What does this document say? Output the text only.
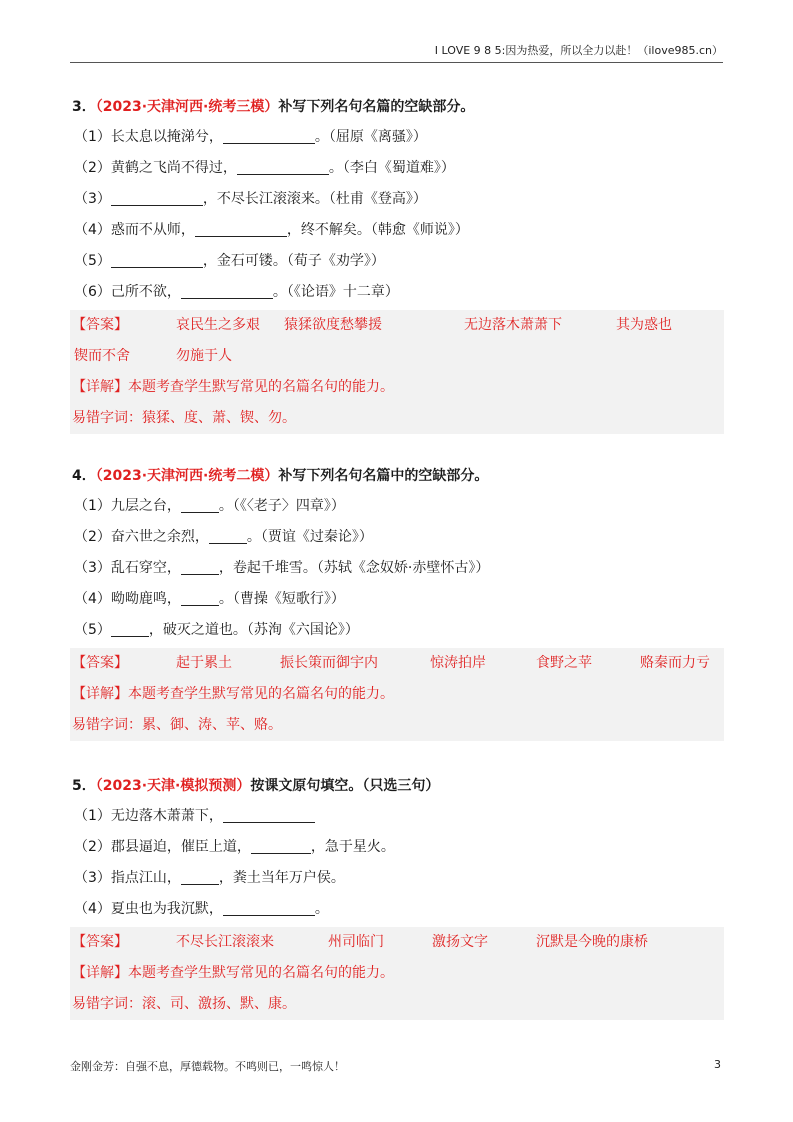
I LOVE 9 8 5:因为热爱，所以全力以赴！（ilove985.cn）
3．（2023·天津河西·统考三模）补写下列名句名篇的空缺部分。
（1）长太息以掩涕兮，	。（屈原《离骚》）
（2）黄鹤之飞尚不得过，	。（李白《蜀道难》）
（3）	，不尽长江滚滚来。（杜甫《登高》）
（4）惑而不从师，	，终不解矣。（韩愈《师说》）
（5）	，金石可镂。（荀子《劝学》）
（6）己所不欲，	。（《论语》十二章）
【答案】	哀民生之多艰 猿猱欲度愁攀援	无边落木萧萧下	其为惑也
锲而不舍	勿施于人
【详解】本题考查学生默写常见的名篇名句的能力。
易错字词：猿猱、度、萧、锲、勿。
4．（2023·天津河西·统考二模）补写下列名句名篇中的空缺部分。
（1）九层之台，	。（《〈老子〉四章》）
（2）奋六世之余烈，	。（贾谊《过秦论》）
（3）乱石穿空，	，卷起千堆雪。（苏轼《念奴娇·赤壁怀古》）
（4）呦呦鹿鸣，	。（曹操《短歌行》）
（5）	，破灭之道也。（苏洵《六国论》）
【答案】	起于累土	振长策而御宇内	惊涛拍岸	食野之苹	赂秦而力亏
【详解】本题考查学生默写常见的名篇名句的能力。
易错字词：累、御、涛、苹、赂。
5．（2023·天津·模拟预测）按课文原句填空。（只选三句）
（1）无边落木萧萧下，
（2）郡县逼迫，催臣上道，	，急于星火。
（3）指点江山，	，粪土当年万户侯。
（4）夏虫也为我沉默，	。
【答案】	不尽长江滚滚来	州司临门	激扬文字	沉默是今晚的康桥
【详解】本题考查学生默写常见的名篇名句的能力。
易错字词：滚、司、激扬、默、康。
金刚金芳：自强不息，厚德载物。不鸣则已，一鸣惊人！	3
